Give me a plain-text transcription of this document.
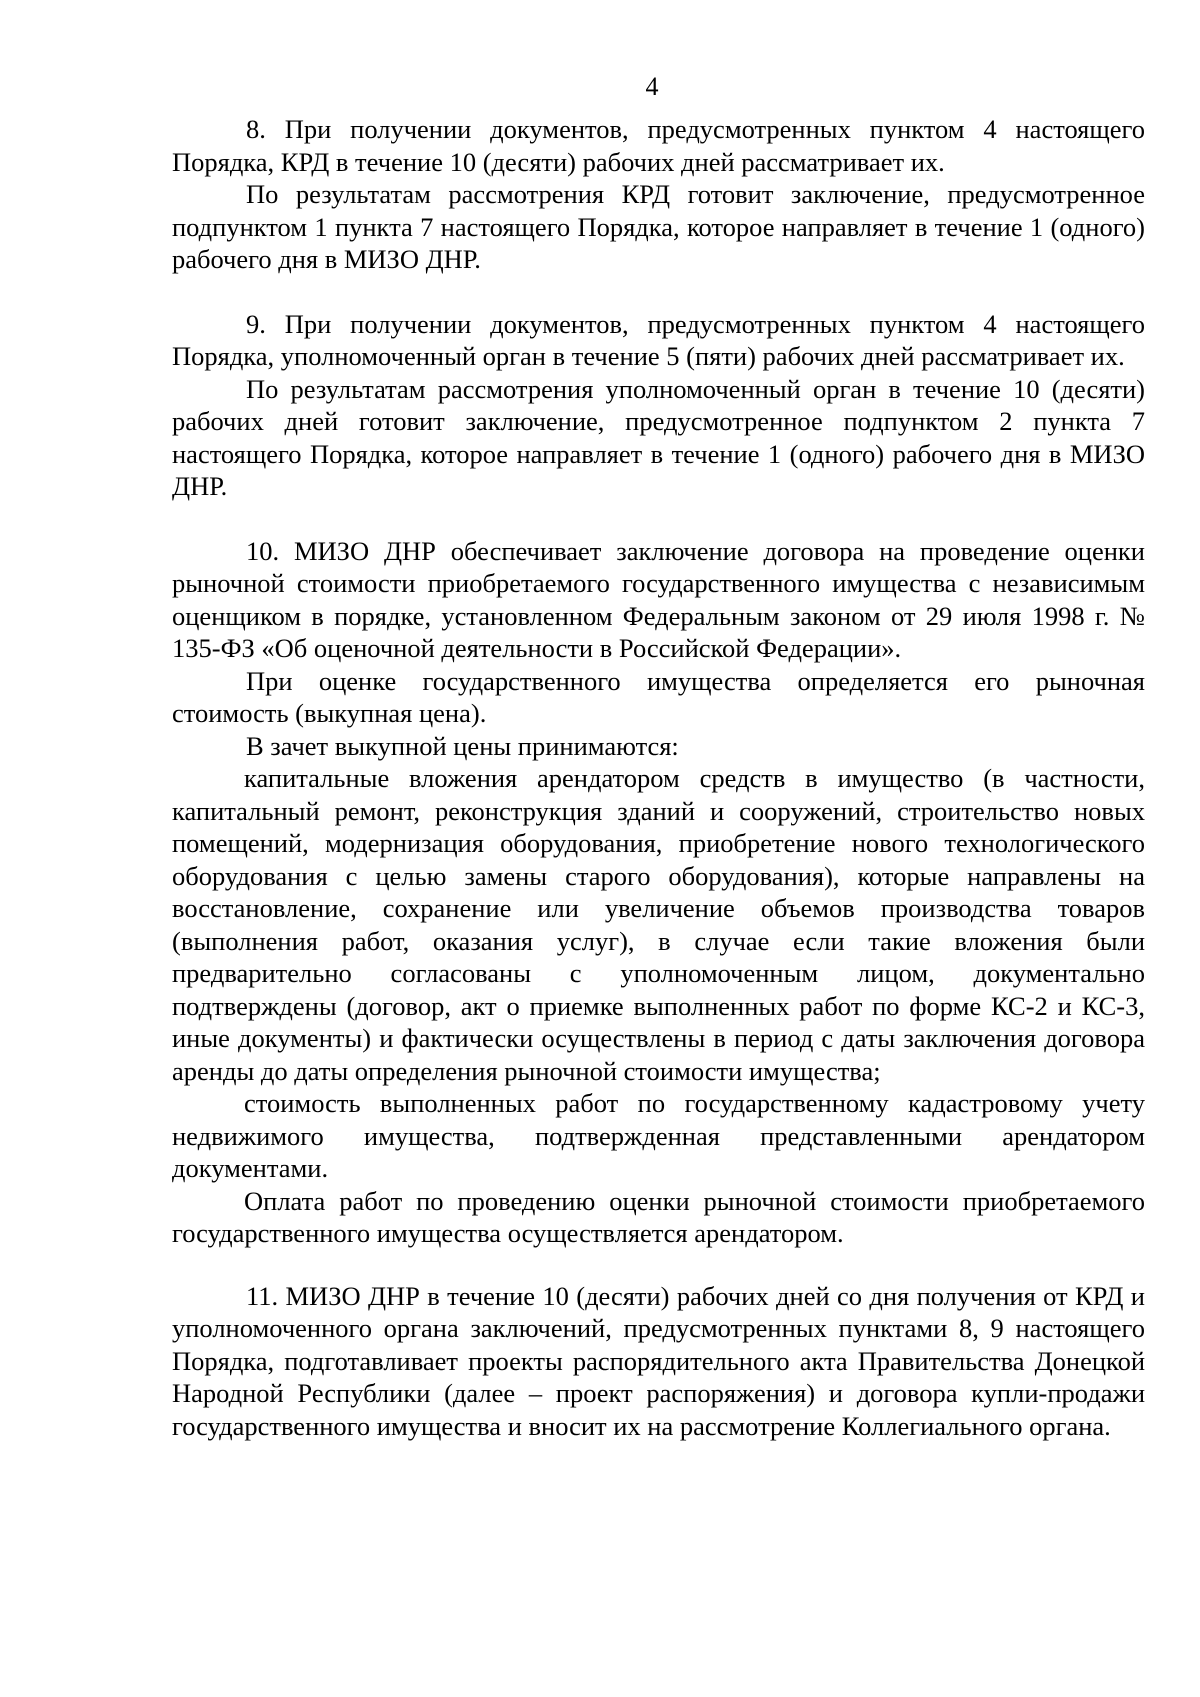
4

8. При получении документов, предусмотренных пунктом 4 настоящего Порядка, КРД в течение 10 (десяти) рабочих дней рассматривает их.

По результатам рассмотрения КРД готовит заключение, предусмотренное подпунктом 1 пункта 7 настоящего Порядка, которое направляет в течение 1 (одного) рабочего дня в МИЗО ДНР.

9. При получении документов, предусмотренных пунктом 4 настоящего Порядка, уполномоченный орган в течение 5 (пяти) рабочих дней рассматривает их.

По результатам рассмотрения уполномоченный орган в течение 10 (десяти) рабочих дней готовит заключение, предусмотренное подпунктом 2 пункта 7 настоящего Порядка, которое направляет в течение 1 (одного) рабочего дня в МИЗО ДНР.

10. МИЗО ДНР обеспечивает заключение договора на проведение оценки рыночной стоимости приобретаемого государственного имущества с независимым оценщиком в порядке, установленном Федеральным законом от 29 июля 1998 г. № 135-ФЗ «Об оценочной деятельности в Российской Федерации».

При оценке государственного имущества определяется его рыночная стоимость (выкупная цена).

В зачет выкупной цены принимаются:

капитальные вложения арендатором средств в имущество (в частности, капитальный ремонт, реконструкция зданий и сооружений, строительство новых помещений, модернизация оборудования, приобретение нового технологического оборудования с целью замены старого оборудования), которые направлены на восстановление, сохранение или увеличение объемов производства товаров (выполнения работ, оказания услуг), в случае если такие вложения были предварительно согласованы с уполномоченным лицом, документально подтверждены (договор, акт о приемке выполненных работ по форме КС-2 и КС-3, иные документы) и фактически осуществлены в период с даты заключения договора аренды до даты определения рыночной стоимости имущества;

стоимость выполненных работ по государственному кадастровому учету недвижимого имущества, подтвержденная представленными арендатором документами.

Оплата работ по проведению оценки рыночной стоимости приобретаемого государственного имущества осуществляется арендатором.

11. МИЗО ДНР в течение 10 (десяти) рабочих дней со дня получения от КРД и уполномоченного органа заключений, предусмотренных пунктами 8, 9 настоящего Порядка, подготавливает проекты распорядительного акта Правительства Донецкой Народной Республики (далее – проект распоряжения) и договора купли-продажи государственного имущества и вносит их на рассмотрение Коллегиального органа.
